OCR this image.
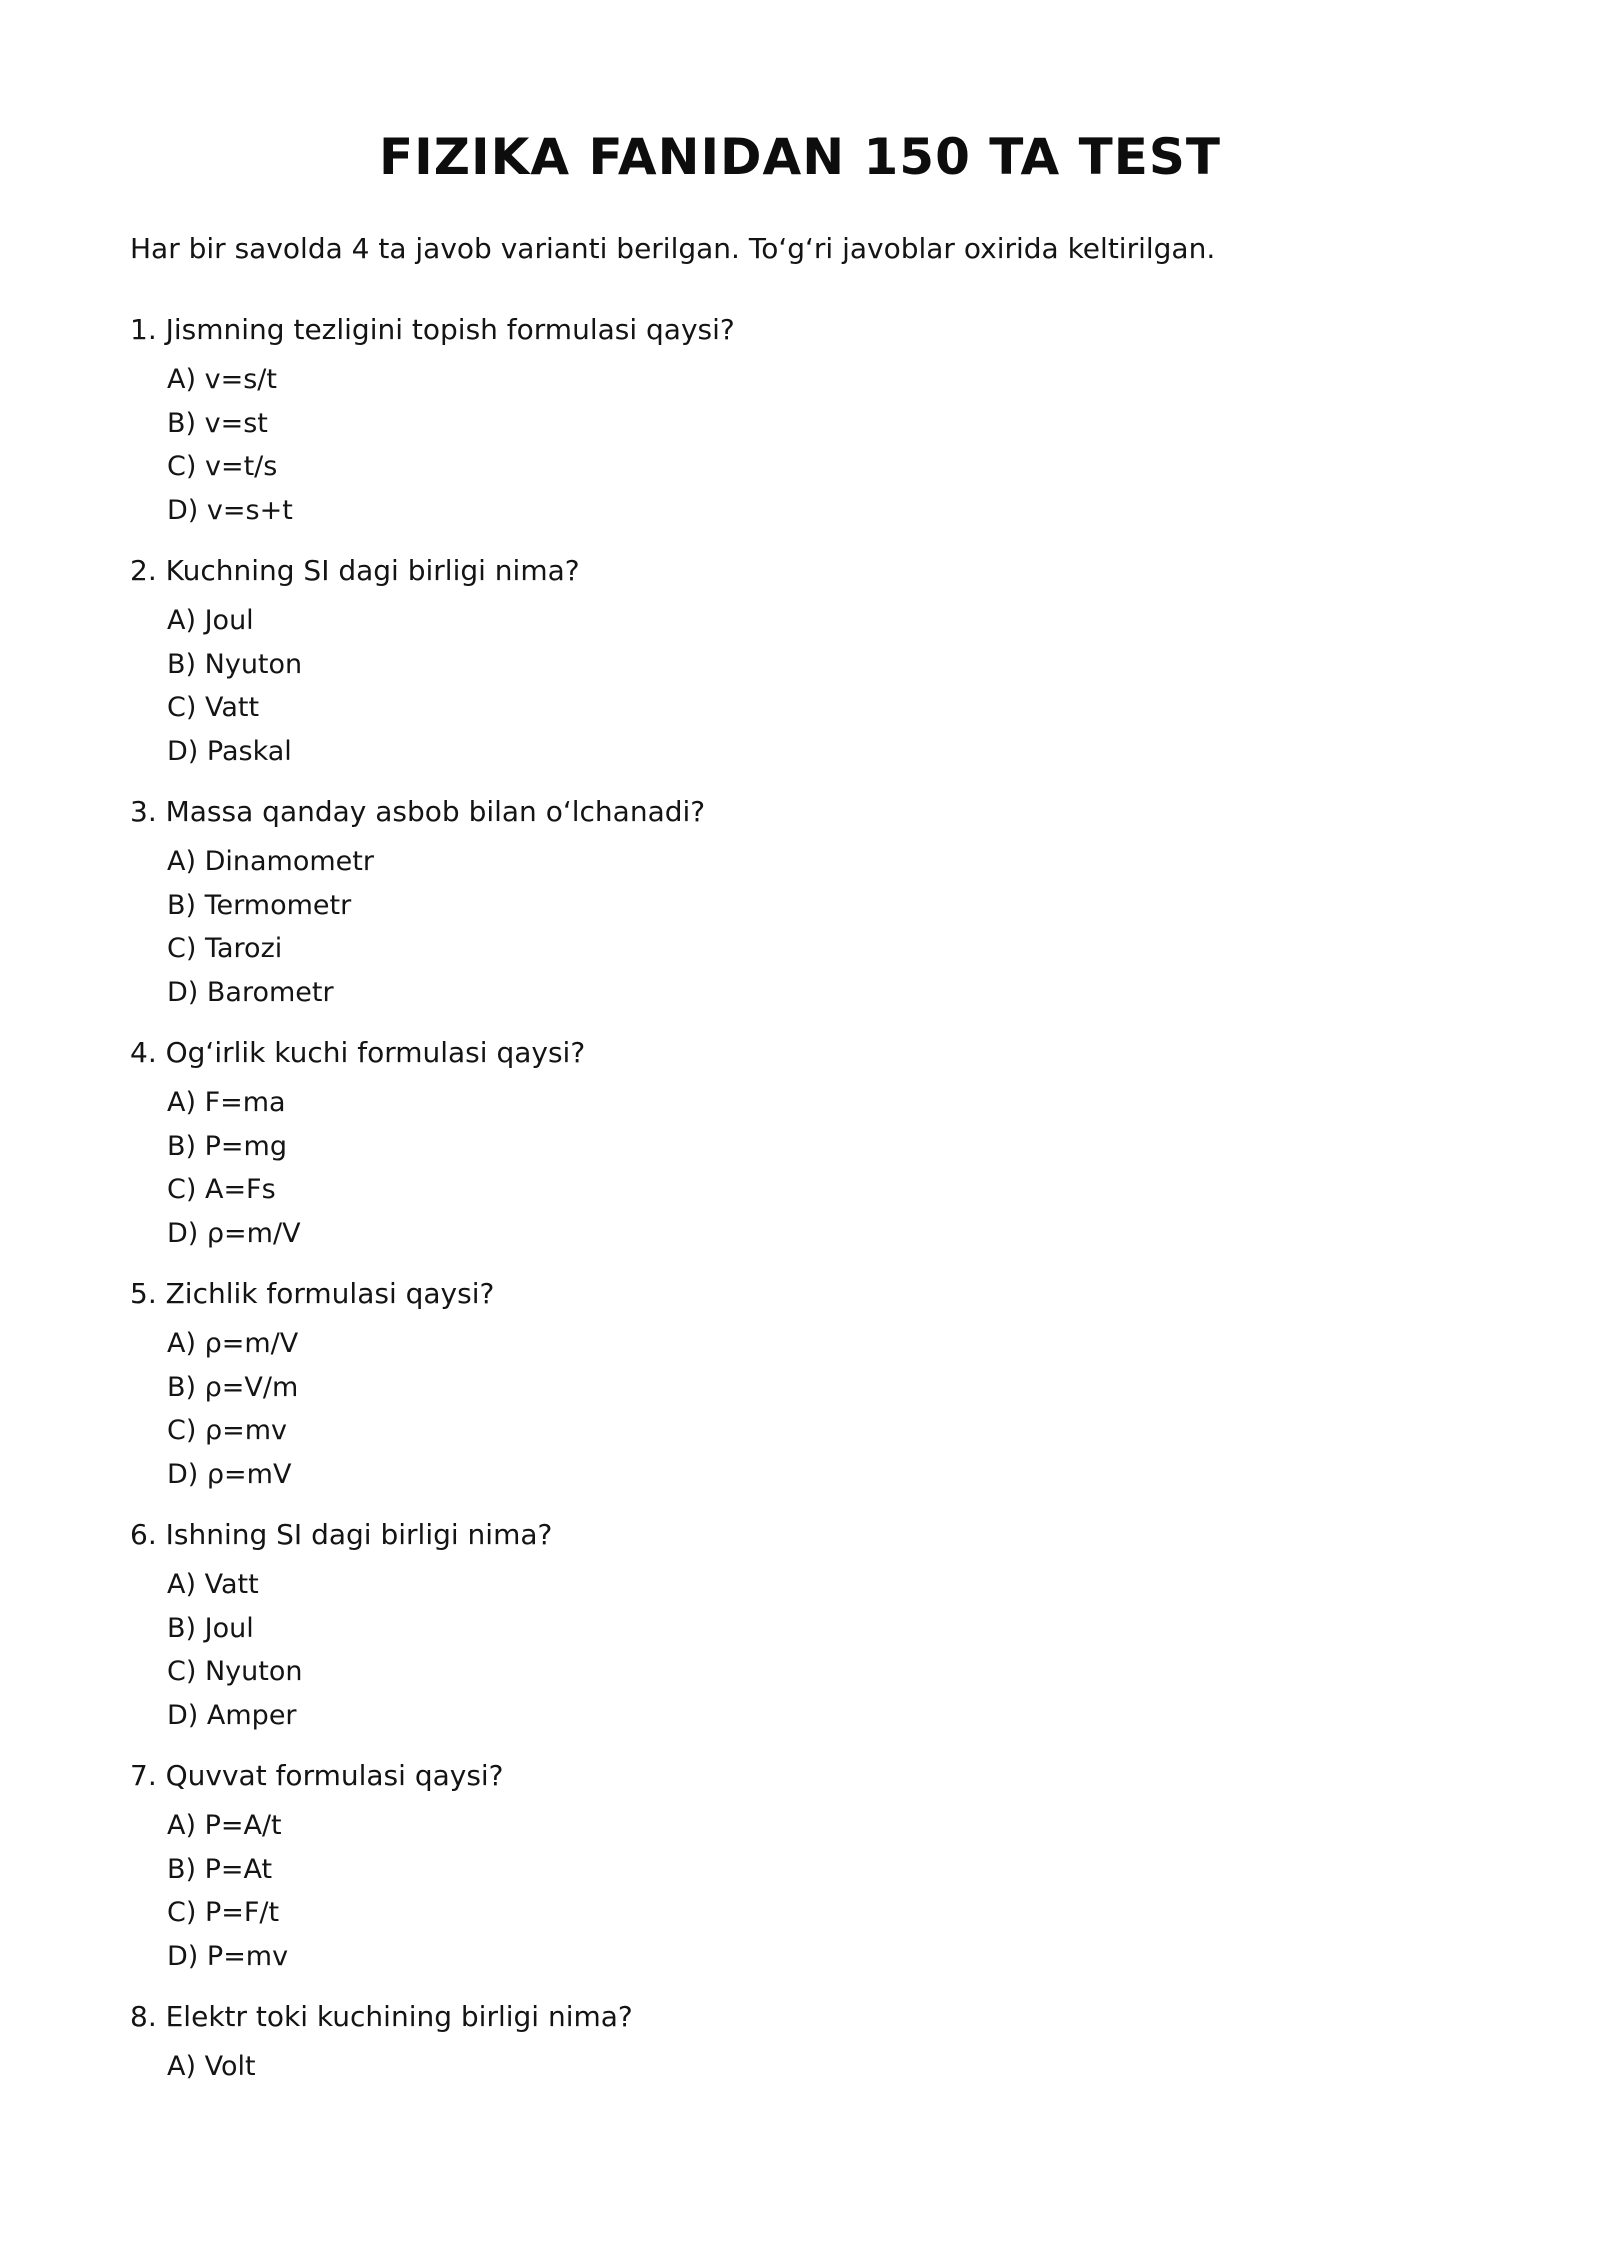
FIZIKA FANIDAN 150 TA TEST

Har bir savolda 4 ta javob varianti berilgan. To‘g‘ri javoblar oxirida keltirilgan.

1. Jismning tezligini topish formulasi qaysi?

A) v=s/t
B) v=st
C) v=t/s
D) v=s+t

2. Kuchning SI dagi birligi nima?

A) Joul
B) Nyuton
C) Vatt
D) Paskal

3. Massa qanday asbob bilan o‘lchanadi?

A) Dinamometr
B) Termometr
C) Tarozi
D) Barometr

4. Og‘irlik kuchi formulasi qaysi?

A) F=ma
B) P=mg
C) A=Fs
D) ρ=m/V

5. Zichlik formulasi qaysi?

A) ρ=m/V
B) ρ=V/m
C) ρ=mv
D) ρ=mV

6. Ishning SI dagi birligi nima?

A) Vatt
B) Joul
C) Nyuton
D) Amper

7. Quvvat formulasi qaysi?

A) P=A/t
B) P=At
C) P=F/t
D) P=mv

8. Elektr toki kuchining birligi nima?

A) Volt
